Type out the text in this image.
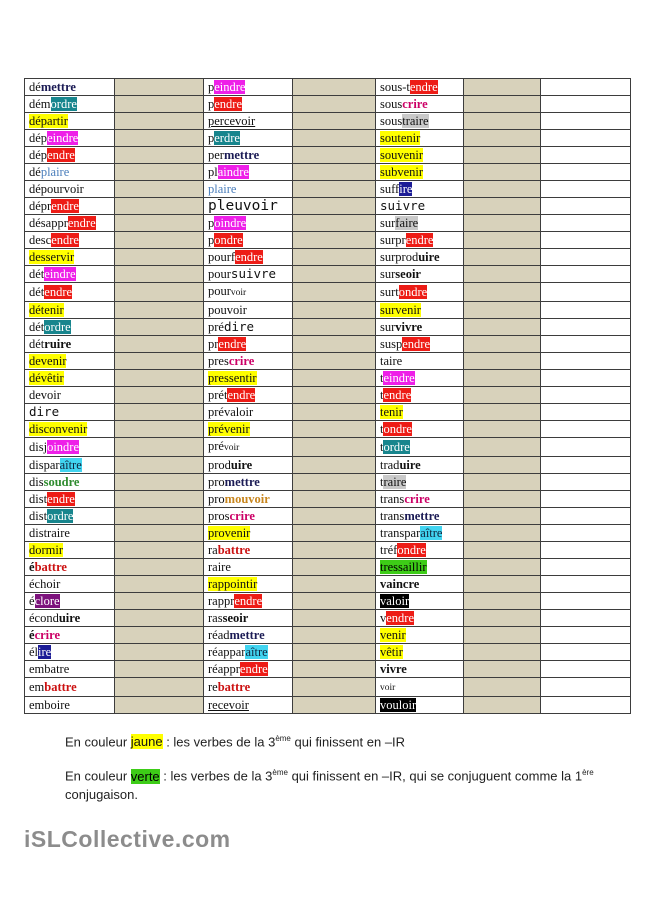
démettre		peindre		sous-tendre		
démordre		pendre		souscrire		
départir		percevoir		soustraire		
dépeindre		perdre		soutenir		
dépendre		permettre		souvenir		
déplaire		plaindre		subvenir		
dépourvoir		plaire		suffire		
déprendre		pleuvoir		suivre		
désapprendre		poindre		surfaire		
descendre		pondre		surprendre		
desservir		pourfendre		surproduire		
déteindre		poursuivre		surseoir		
détendre		pourvoir		surtondre		
détenir		pouvoir		survenir		
détordre		prédire		survivre		
détruire		prendre		suspendre		
devenir		prescrire		taire		
dévêtir		pressentir		teindre		
devoir		prétendre		tendre		
dire		prévaloir		tenir		
disconvenir		prévenir		tondre		
disjoindre		prévoir		tordre		
disparaître		produire		traduire		
dissoudre		promettre		traire		
distendre		promouvoir		transcrire		
distordre		proscrire		transmettre		
distraire		provenir		transparaître		
dormir		rabattre		tréfondre		
ébattre		raire		tressaillir		
échoir		rappointir		vaincre		
éclore		rapprendre		valoir		
éconduire		rasseoir		vendre		
écrire		réadmettre		venir		
élire		réapparaître		vêtir		
embatre		réapprendre		vivre		
embattre		rebattre		voir		
emboire		recevoir		vouloir		

En couleur jaune : les verbes de la 3ème qui finissent en –IR

En couleur verte : les verbes de la 3ème qui finissent en –IR, qui se conjuguent comme la 1ère conjugaison.

iSLCollective.com
